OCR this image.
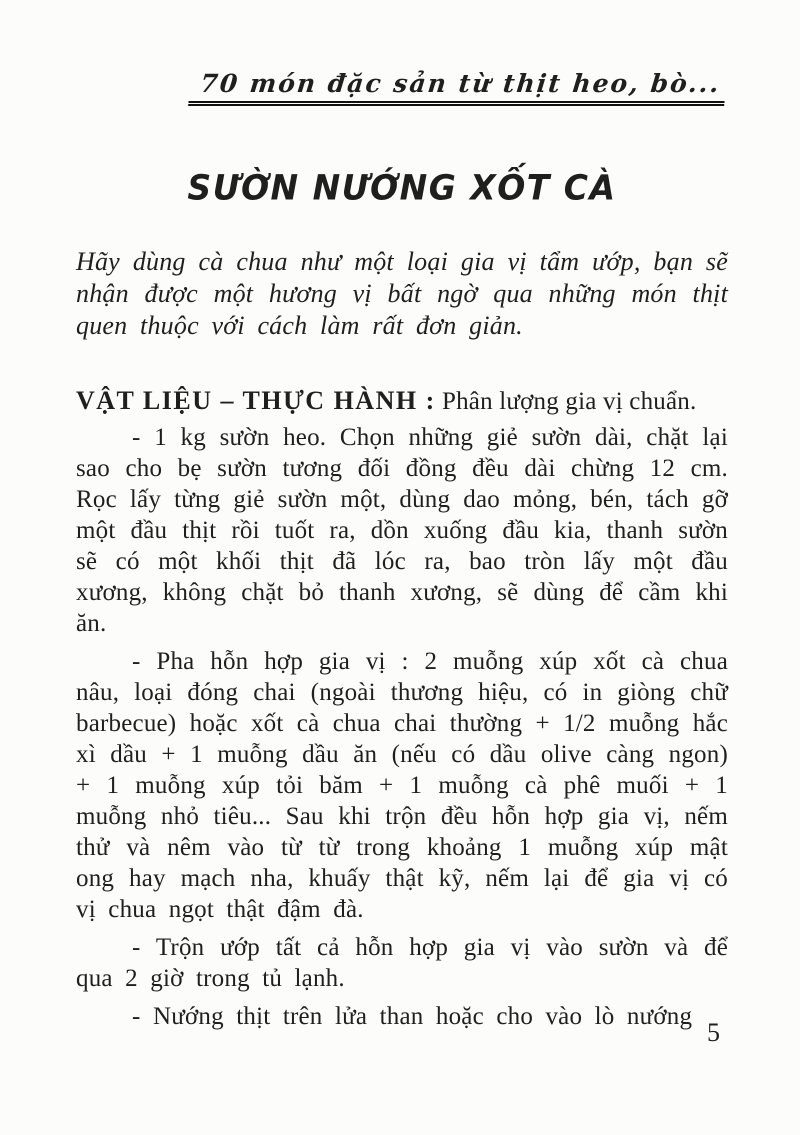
70 món đặc sản từ thịt heo, bò...
SƯỜN NƯỚNG XỐT CÀ

Hãy dùng cà chua như một loại gia vị tẩm ướp, bạn sẽ nhận được một hương vị bất ngờ qua những món thịt quen thuộc với cách làm rất đơn giản.

VẬT LIỆU – THỰC HÀNH : Phân lượng gia vị chuẩn.

- 1 kg sườn heo. Chọn những giẻ sườn dài, chặt lại sao cho bẹ sườn tương đối đồng đều dài chừng 12 cm. Rọc lấy từng giẻ sườn một, dùng dao mỏng, bén, tách gỡ một đầu thịt rồi tuốt ra, dồn xuống đầu kia, thanh sườn sẽ có một khối thịt đã lóc ra, bao tròn lấy một đầu xương, không chặt bỏ thanh xương, sẽ dùng để cầm khi ăn.

- Pha hỗn hợp gia vị : 2 muỗng xúp xốt cà chua nâu, loại đóng chai (ngoài thương hiệu, có in giòng chữ barbecue) hoặc xốt cà chua chai thường + 1/2 muỗng hắc xì dầu + 1 muỗng dầu ăn (nếu có dầu olive càng ngon) + 1 muỗng xúp tỏi băm + 1 muỗng cà phê muối + 1 muỗng nhỏ tiêu... Sau khi trộn đều hỗn hợp gia vị, nếm thử và nêm vào từ từ trong khoảng 1 muỗng xúp mật ong hay mạch nha, khuấy thật kỹ, nếm lại để gia vị có vị chua ngọt thật đậm đà.

- Trộn ướp tất cả hỗn hợp gia vị vào sườn và để qua 2 giờ trong tủ lạnh.

- Nướng thịt trên lửa than hoặc cho vào lò nướng

5
